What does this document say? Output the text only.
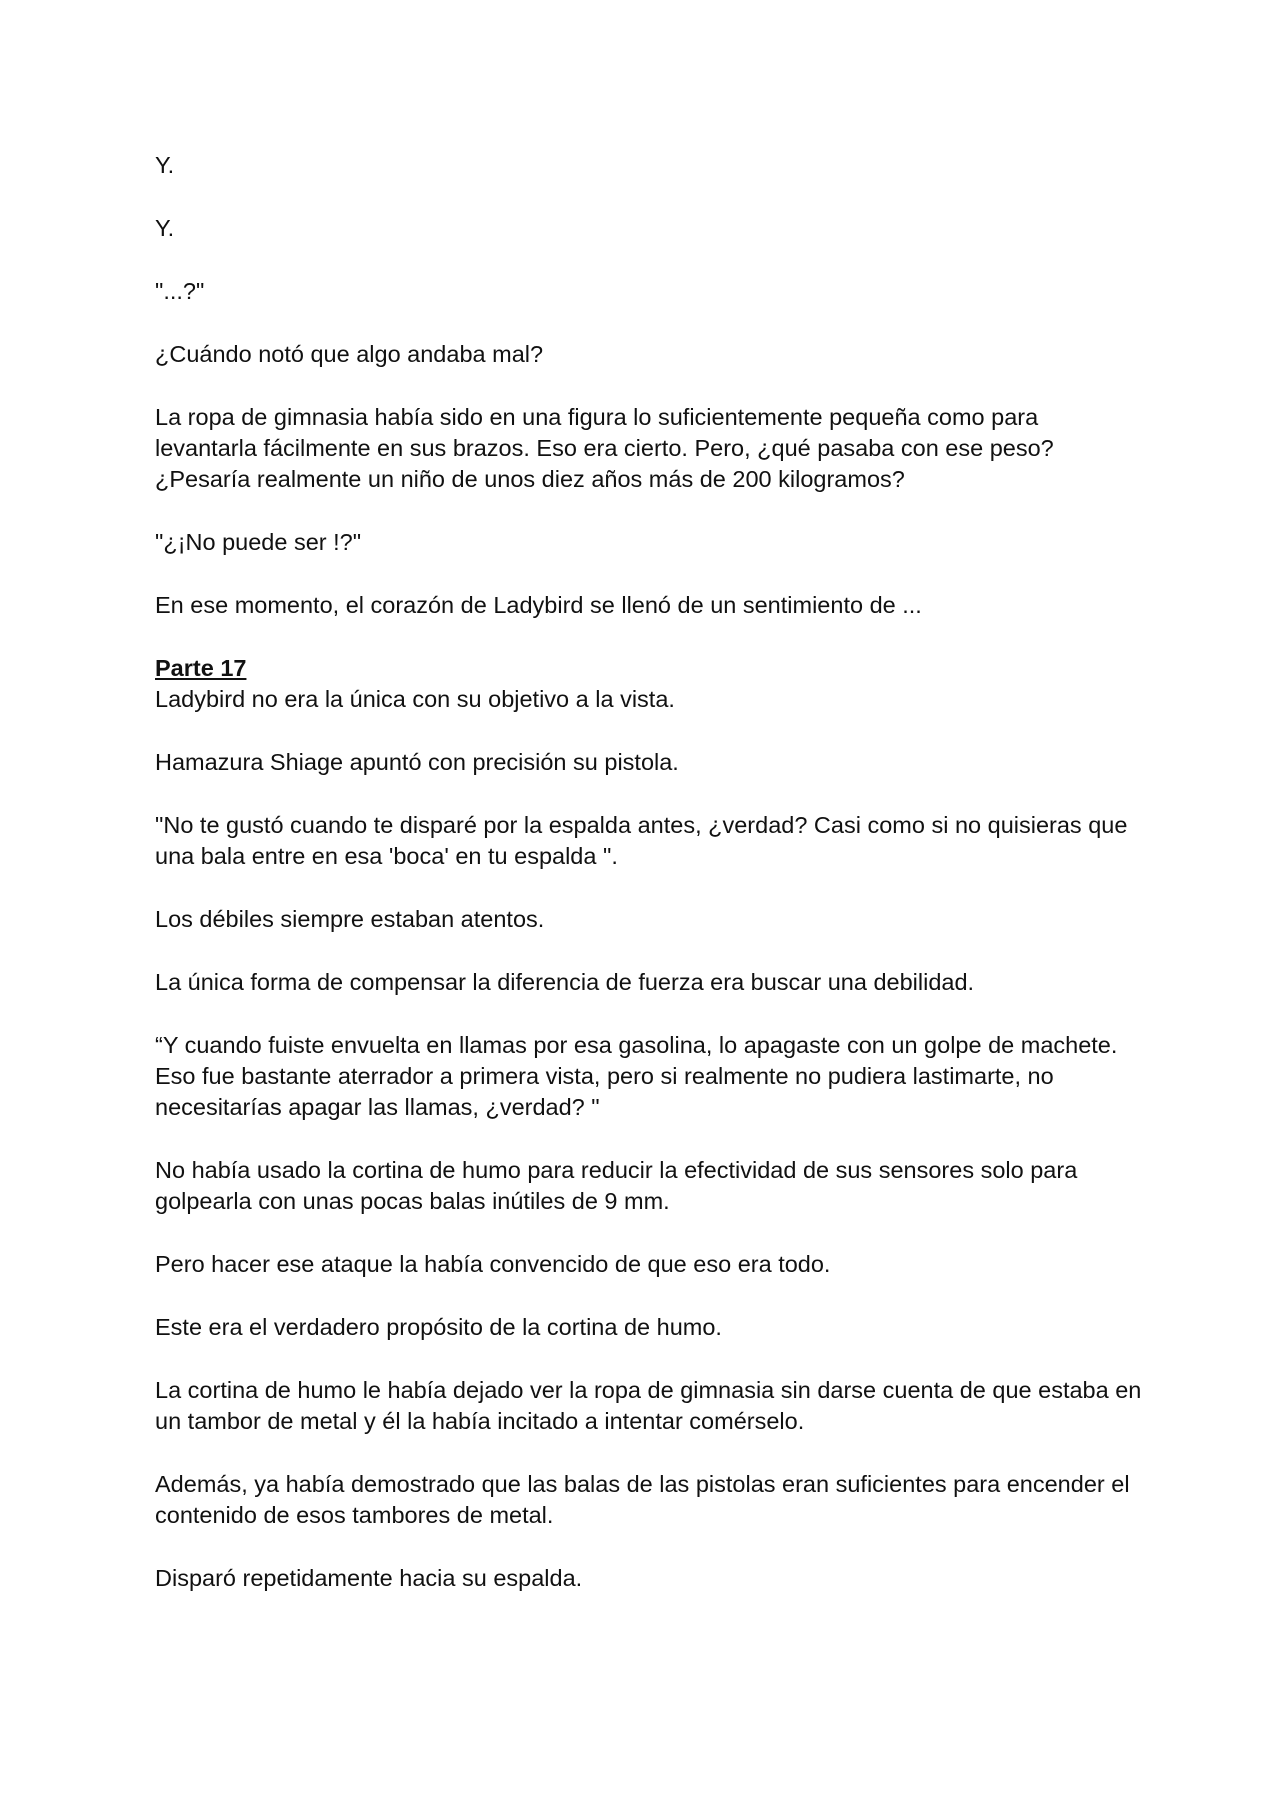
Y.

Y.

"...?"

¿Cuándo notó que algo andaba mal?

La ropa de gimnasia había sido en una figura lo suficientemente pequeña como para levantarla fácilmente en sus brazos. Eso era cierto. Pero, ¿qué pasaba con ese peso? ¿Pesaría realmente un niño de unos diez años más de 200 kilogramos?

"¿¡No puede ser !?"

En ese momento, el corazón de Ladybird se llenó de un sentimiento de ...

Parte 17

Ladybird no era la única con su objetivo a la vista.

Hamazura Shiage apuntó con precisión su pistola.

"No te gustó cuando te disparé por la espalda antes, ¿verdad? Casi como si no quisieras que una bala entre en esa 'boca' en tu espalda ".

Los débiles siempre estaban atentos.

La única forma de compensar la diferencia de fuerza era buscar una debilidad.

“Y cuando fuiste envuelta en llamas por esa gasolina, lo apagaste con un golpe de machete. Eso fue bastante aterrador a primera vista, pero si realmente no pudiera lastimarte, no necesitarías apagar las llamas, ¿verdad? "

No había usado la cortina de humo para reducir la efectividad de sus sensores solo para golpearla con unas pocas balas inútiles de 9 mm.

Pero hacer ese ataque la había convencido de que eso era todo.

Este era el verdadero propósito de la cortina de humo.

La cortina de humo le había dejado ver la ropa de gimnasia sin darse cuenta de que estaba en un tambor de metal y él la había incitado a intentar comérselo.

Además, ya había demostrado que las balas de las pistolas eran suficientes para encender el contenido de esos tambores de metal.

Disparó repetidamente hacia su espalda.
